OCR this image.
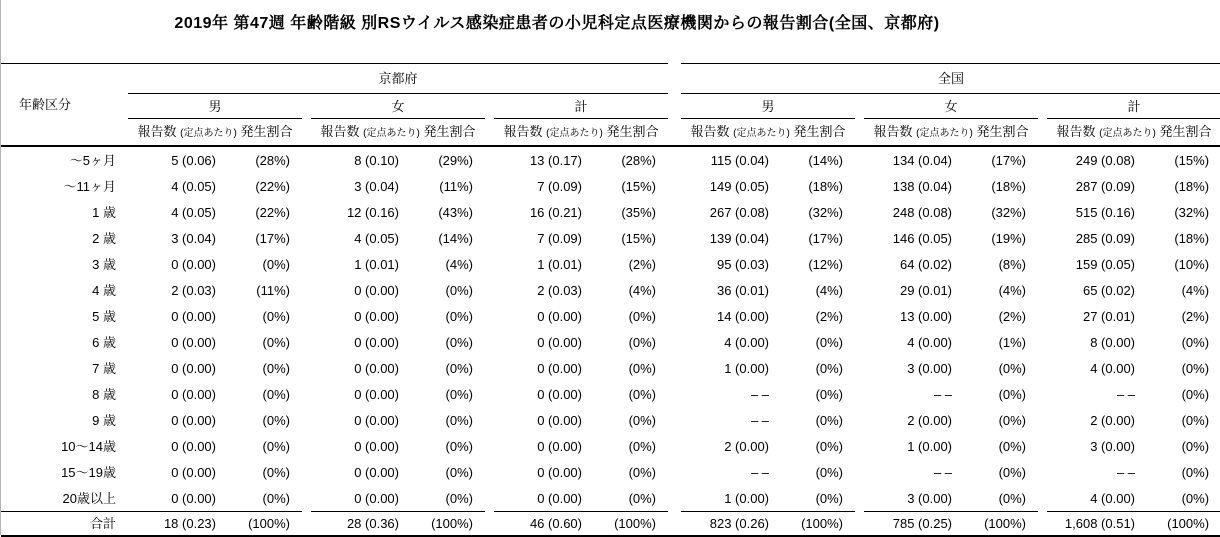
2019年 第47週 年齢階級 別RSウイルス感染症患者の小児科定点医療機関からの報告割合(全国、京都府)
年齢区分	京都府									全国							
	男			女			計			男			女			計	
	報告数 (定点あたり) 発生割合			報告数 (定点あたり) 発生割合			報告数 (定点あたり) 発生割合			報告数 (定点あたり) 発生割合			報告数 (定点あたり) 発生割合			報告数 (定点あたり) 発生割合	
〜5ヶ月	5 (0.06)	(28%)		8 (0.10)	(29%)		13 (0.17)	(28%)		115 (0.04)	(14%)		134 (0.04)	(17%)		249 (0.08)	(15%)
〜11ヶ月	4 (0.05)	(22%)		3 (0.04)	(11%)		7 (0.09)	(15%)		149 (0.05)	(18%)		138 (0.04)	(18%)		287 (0.09)	(18%)
1 歳	4 (0.05)	(22%)		12 (0.16)	(43%)		16 (0.21)	(35%)		267 (0.08)	(32%)		248 (0.08)	(32%)		515 (0.16)	(32%)
2 歳	3 (0.04)	(17%)		4 (0.05)	(14%)		7 (0.09)	(15%)		139 (0.04)	(17%)		146 (0.05)	(19%)		285 (0.09)	(18%)
3 歳	0 (0.00)	(0%)		1 (0.01)	(4%)		1 (0.01)	(2%)		95 (0.03)	(12%)		64 (0.02)	(8%)		159 (0.05)	(10%)
4 歳	2 (0.03)	(11%)		0 (0.00)	(0%)		2 (0.03)	(4%)		36 (0.01)	(4%)		29 (0.01)	(4%)		65 (0.02)	(4%)
5 歳	0 (0.00)	(0%)		0 (0.00)	(0%)		0 (0.00)	(0%)		14 (0.00)	(2%)		13 (0.00)	(2%)		27 (0.01)	(2%)
6 歳	0 (0.00)	(0%)		0 (0.00)	(0%)		0 (0.00)	(0%)		4 (0.00)	(0%)		4 (0.00)	(1%)		8 (0.00)	(0%)
7 歳	0 (0.00)	(0%)		0 (0.00)	(0%)		0 (0.00)	(0%)		1 (0.00)	(0%)		3 (0.00)	(0%)		4 (0.00)	(0%)
8 歳	0 (0.00)	(0%)		0 (0.00)	(0%)		0 (0.00)	(0%)		– –	(0%)		– –	(0%)		– –	(0%)
9 歳	0 (0.00)	(0%)		0 (0.00)	(0%)		0 (0.00)	(0%)		– –	(0%)		2 (0.00)	(0%)		2 (0.00)	(0%)
10〜14歳	0 (0.00)	(0%)		0 (0.00)	(0%)		0 (0.00)	(0%)		2 (0.00)	(0%)		1 (0.00)	(0%)		3 (0.00)	(0%)
15〜19歳	0 (0.00)	(0%)		0 (0.00)	(0%)		0 (0.00)	(0%)		– –	(0%)		– –	(0%)		– –	(0%)
20歳以上	0 (0.00)	(0%)		0 (0.00)	(0%)		0 (0.00)	(0%)		1 (0.00)	(0%)		3 (0.00)	(0%)		4 (0.00)	(0%)
合計	18 (0.23)	(100%)		28 (0.36)	(100%)		46 (0.60)	(100%)		823 (0.26)	(100%)		785 (0.25)	(100%)		1,608 (0.51)	(100%)
